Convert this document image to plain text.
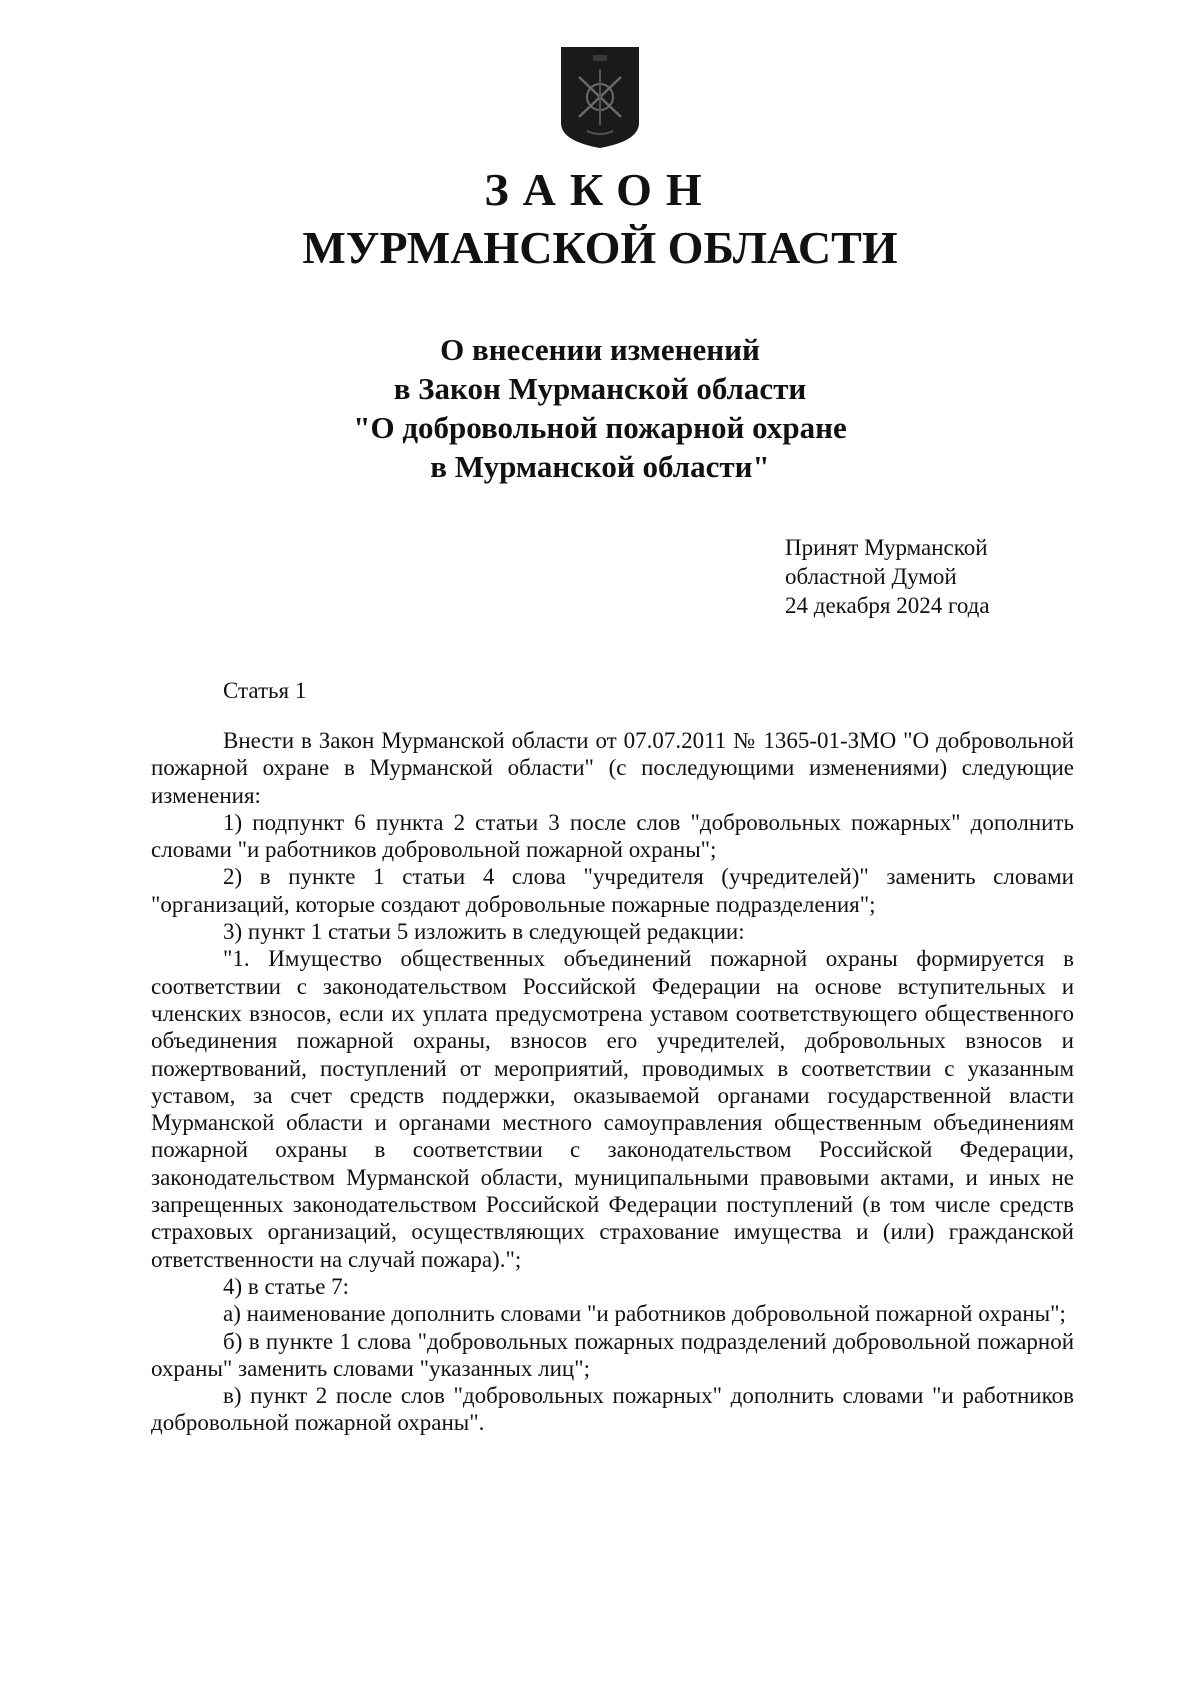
ЗАКОН
МУРМАНСКОЙ ОБЛАСТИ
О внесении изменений
в Закон Мурманской области
"О добровольной пожарной охране
в Мурманской области"
Принят Мурманской
областной Думой
24 декабря 2024 года
Статья 1

Внести в Закон Мурманской области от 07.07.2011 № 1365-01-ЗМО "О добровольной пожарной охране в Мурманской области" (с последующими изменениями) следующие изменения:

1) подпункт 6 пункта 2 статьи 3 после слов "добровольных пожарных" дополнить словами "и работников добровольной пожарной охраны";

2) в пункте 1 статьи 4 слова "учредителя (учредителей)" заменить словами "организаций, которые создают добровольные пожарные подразделения";

3) пункт 1 статьи 5 изложить в следующей редакции:

"1. Имущество общественных объединений пожарной охраны формируется в соответствии с законодательством Российской Федерации на основе вступительных и членских взносов, если их уплата предусмотрена уставом соответствующего общественного объединения пожарной охраны, взносов его учредителей, добровольных взносов и пожертвований, поступлений от мероприятий, проводимых в соответствии с указанным уставом, за счет средств поддержки, оказываемой органами государственной власти Мурманской области и органами местного самоуправления общественным объединениям пожарной охраны в соответствии с законодательством Российской Федерации, законодательством Мурманской области, муниципальными правовыми актами, и иных не запрещенных законодательством Российской Федерации поступлений (в том числе средств страховых организаций, осуществляющих страхование имущества и (или) гражданской ответственности на случай пожара).";

4) в статье 7:

а) наименование дополнить словами "и работников добровольной пожарной охраны";

б) в пункте 1 слова "добровольных пожарных подразделений добровольной пожарной охраны" заменить словами "указанных лиц";

в) пункт 2 после слов "добровольных пожарных" дополнить словами "и работников добровольной пожарной охраны".
